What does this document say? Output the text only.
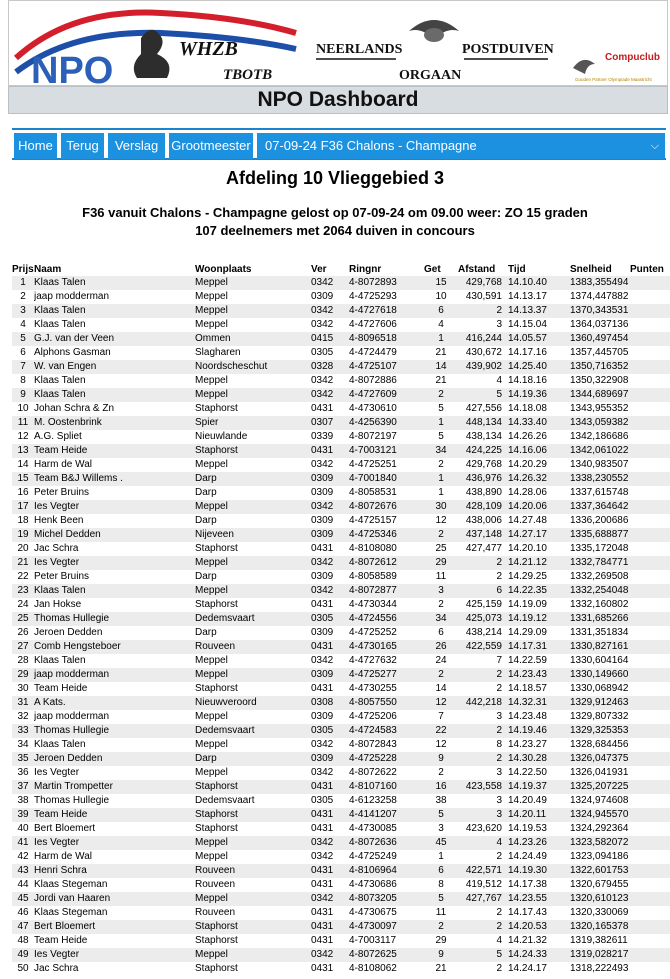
NPO
WHZB
TBOTB
NEERLANDS	POSTDUIVEN
ORGAAN
Compuclub
Gouden Partner Olympiade Maastricht
NPO Dashboard
Home	Terug	Verslag	Grootmeester	07-09-24 F36 Chalons - Champagne	⌵
Afdeling 10 Vlieggebied 3
F36 vanuit Chalons - Champagne gelost op 07-09-24 om 09.00 weer: ZO 15 graden
107 deelnemers met 2064 duiven in concours
Prijs	Naam	Woonplaats	Ver	Ringnr	Get	Afstand	Tijd	Snelheid	Punten
1	Klaas Talen	Meppel	0342	4-8072893	15	429,768	14.10.40	1383,355494	
2	jaap modderman	Meppel	0309	4-4725293	10	430,591	14.13.17	1374,447882	
3	Klaas Talen	Meppel	0342	4-4727618	6	2	14.13.37	1370,343531	
4	Klaas Talen	Meppel	0342	4-4727606	4	3	14.15.04	1364,037136	
5	G.J. van der Veen	Ommen	0415	4-8096518	1	416,244	14.05.57	1360,497454	
6	Alphons Gasman	Slagharen	0305	4-4724479	21	430,672	14.17.16	1357,445705	
7	W. van Engen	Noordscheschut	0328	4-4725107	14	439,902	14.25.40	1350,716352	
8	Klaas Talen	Meppel	0342	4-8072886	21	4	14.18.16	1350,322908	
9	Klaas Talen	Meppel	0342	4-4727609	2	5	14.19.36	1344,689697	
10	Johan Schra & Zn	Staphorst	0431	4-4730610	5	427,556	14.18.08	1343,955352	
11	M. Oostenbrink	Spier	0307	4-4256390	1	448,134	14.33.40	1343,059382	
12	A.G. Spliet	Nieuwlande	0339	4-8072197	5	438,134	14.26.26	1342,186686	
13	Team Heide	Staphorst	0431	4-7003121	34	424,225	14.16.06	1342,061022	
14	Harm de Wal	Meppel	0342	4-4725251	2	429,768	14.20.29	1340,983507	
15	Team B&J Willems .	Darp	0309	4-7001840	1	436,976	14.26.32	1338,230552	
16	Peter Bruins	Darp	0309	4-8058531	1	438,890	14.28.06	1337,615748	
17	Ies Vegter	Meppel	0342	4-8072676	30	428,109	14.20.06	1337,364642	
18	Henk Been	Darp	0309	4-4725157	12	438,006	14.27.48	1336,200686	
19	Michel Dedden	Nijeveen	0309	4-4725346	2	437,148	14.27.17	1335,688877	
20	Jac Schra	Staphorst	0431	4-8108080	25	427,477	14.20.10	1335,172048	
21	Ies Vegter	Meppel	0342	4-8072612	29	2	14.21.12	1332,784771	
22	Peter Bruins	Darp	0309	4-8058589	11	2	14.29.25	1332,269508	
23	Klaas Talen	Meppel	0342	4-8072877	3	6	14.22.35	1332,254048	
24	Jan Hokse	Staphorst	0431	4-4730344	2	425,159	14.19.09	1332,160802	
25	Thomas Hullegie	Dedemsvaart	0305	4-4724556	34	425,073	14.19.12	1331,685266	
26	Jeroen Dedden	Darp	0309	4-4725252	6	438,214	14.29.09	1331,351834	
27	Comb Hengsteboer	Rouveen	0431	4-4730165	26	422,559	14.17.31	1330,827161	
28	Klaas Talen	Meppel	0342	4-4727632	24	7	14.22.59	1330,604164	
29	jaap modderman	Meppel	0309	4-4725277	2	2	14.23.43	1330,149660	
30	Team Heide	Staphorst	0431	4-4730255	14	2	14.18.57	1330,068942	
31	A Kats.	Nieuwveroord	0308	4-8057550	12	442,218	14.32.31	1329,912463	
32	jaap modderman	Meppel	0309	4-4725206	7	3	14.23.48	1329,807332	
33	Thomas Hullegie	Dedemsvaart	0305	4-4724583	22	2	14.19.46	1329,325353	
34	Klaas Talen	Meppel	0342	4-8072843	12	8	14.23.27	1328,684456	
35	Jeroen Dedden	Darp	0309	4-4725228	9	2	14.30.28	1326,047375	
36	Ies Vegter	Meppel	0342	4-8072622	2	3	14.22.50	1326,041931	
37	Martin Trompetter	Staphorst	0431	4-8107160	16	423,558	14.19.37	1325,207225	
38	Thomas Hullegie	Dedemsvaart	0305	4-6123258	38	3	14.20.49	1324,974608	
39	Team Heide	Staphorst	0431	4-4141207	5	3	14.20.11	1324,945570	
40	Bert Bloemert	Staphorst	0431	4-4730085	3	423,620	14.19.53	1324,292364	
41	Ies Vegter	Meppel	0342	4-8072636	45	4	14.23.26	1323,582072	
42	Harm de Wal	Meppel	0342	4-4725249	1	2	14.24.49	1323,094186	
43	Henri Schra	Rouveen	0431	4-8106964	6	422,571	14.19.30	1322,601753	
44	Klaas Stegeman	Rouveen	0431	4-4730686	8	419,512	14.17.38	1320,679455	
45	Jordi van Haaren	Meppel	0342	4-8073205	5	427,767	14.23.55	1320,610123	
46	Klaas Stegeman	Rouveen	0431	4-4730675	11	2	14.17.43	1320,330069	
47	Bert Bloemert	Staphorst	0431	4-4730097	2	2	14.20.53	1320,165378	
48	Team Heide	Staphorst	0431	4-7003117	29	4	14.21.32	1319,382611	
49	Ies Vegter	Meppel	0342	4-8072625	9	5	14.24.33	1319,028217	
50	Jac Schra	Staphorst	0431	4-8108062	21	2	14.24.17	1318,222493	
